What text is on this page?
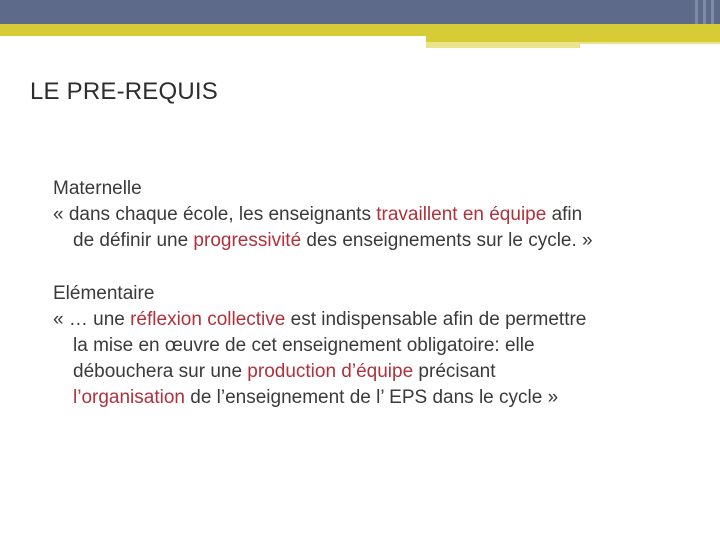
LE PRE-REQUIS
Maternelle
« dans chaque école, les enseignants travaillent en équipe afin
de définir une progressivité des enseignements sur le cycle. »
Elémentaire
« … une réflexion collective est indispensable afin de permettre
la mise en œuvre de cet enseignement obligatoire: elle
débouchera sur une production d’équipe précisant
l’organisation de l’enseignement de l’ EPS dans le cycle »
